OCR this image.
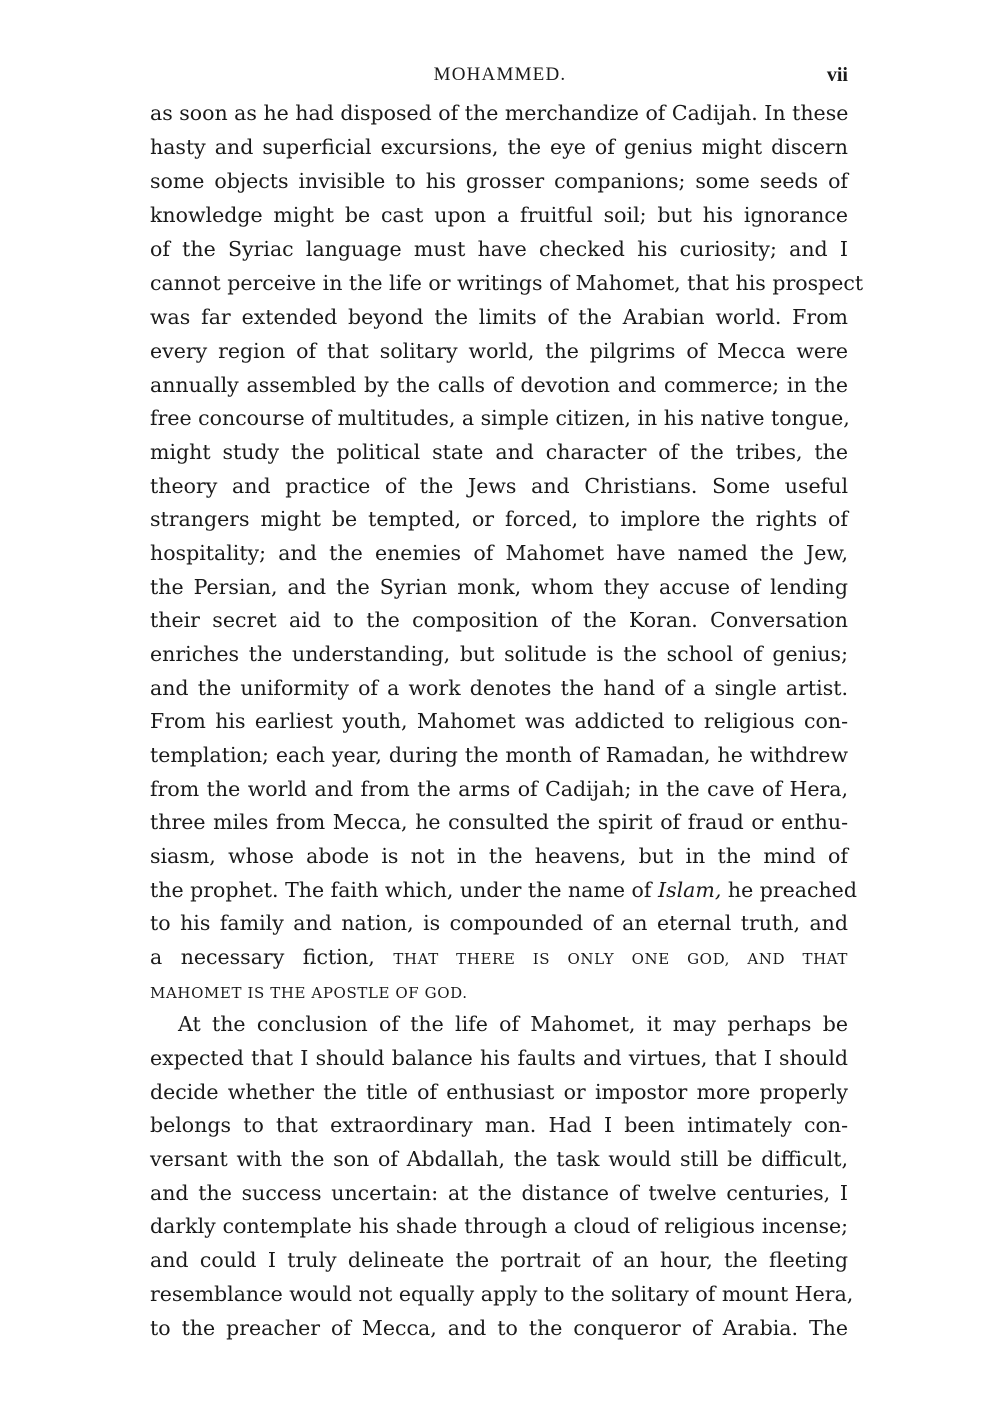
MOHAMMED.	vii
as soon as he had disposed of the merchandize of Cadijah. In these
hasty and superficial excursions, the eye of genius might discern
some objects invisible to his grosser companions; some seeds of
knowledge might be cast upon a fruitful soil; but his ignorance
of the Syriac language must have checked his curiosity; and I
cannot perceive in the life or writings of Mahomet, that his prospect
was far extended beyond the limits of the Arabian world. From
every region of that solitary world, the pilgrims of Mecca were
annually assembled by the calls of devotion and commerce; in the
free concourse of multitudes, a simple citizen, in his native tongue,
might study the political state and character of the tribes, the
theory and practice of the Jews and Christians. Some useful
strangers might be tempted, or forced, to implore the rights of
hospitality; and the enemies of Mahomet have named the Jew,
the Persian, and the Syrian monk, whom they accuse of lending
their secret aid to the composition of the Koran. Conversation
enriches the understanding, but solitude is the school of genius;
and the uniformity of a work denotes the hand of a single artist.
From his earliest youth, Mahomet was addicted to religious con-
templation; each year, during the month of Ramadan, he withdrew
from the world and from the arms of Cadijah; in the cave of Hera,
three miles from Mecca, he consulted the spirit of fraud or enthu-
siasm, whose abode is not in the heavens, but in the mind of
the prophet. The faith which, under the name of Islam, he preached
to his family and nation, is compounded of an eternal truth, and
a necessary fiction, THAT THERE IS ONLY ONE GOD, AND THAT
MAHOMET IS THE APOSTLE OF GOD.
At the conclusion of the life of Mahomet, it may perhaps be
expected that I should balance his faults and virtues, that I should
decide whether the title of enthusiast or impostor more properly
belongs to that extraordinary man. Had I been intimately con-
versant with the son of Abdallah, the task would still be difficult,
and the success uncertain: at the distance of twelve centuries, I
darkly contemplate his shade through a cloud of religious incense;
and could I truly delineate the portrait of an hour, the fleeting
resemblance would not equally apply to the solitary of mount Hera,
to the preacher of Mecca, and to the conqueror of Arabia. The
